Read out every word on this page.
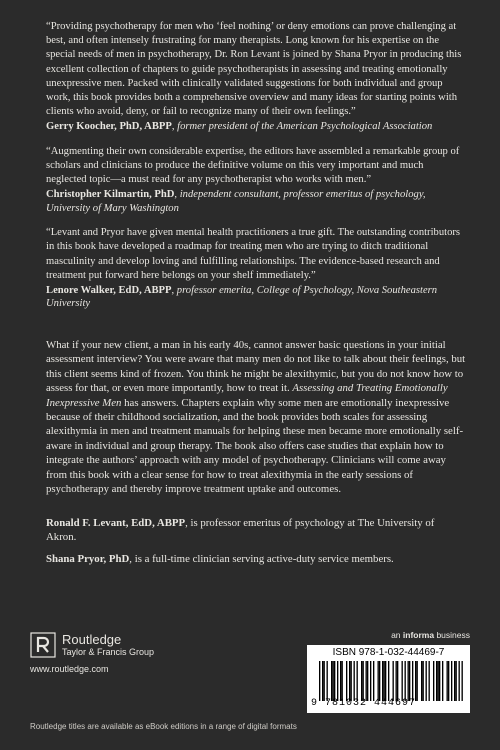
“Providing psychotherapy for men who ‘feel nothing’ or deny emotions can prove challenging at best, and often intensely frustrating for many therapists. Long known for his expertise on the special needs of men in psychotherapy, Dr. Ron Levant is joined by Shana Pryor in producing this excellent collection of chapters to guide psychotherapists in assessing and treating emotionally unexpressive men. Packed with clinically validated suggestions for both individual and group work, this book provides both a comprehensive overview and many ideas for starting points with clients who avoid, deny, or fail to recognize many of their own feelings.”
Gerry Koocher, PhD, ABPP, former president of the American Psychological Association
“Augmenting their own considerable expertise, the editors have assembled a remarkable group of scholars and clinicians to produce the definitive volume on this very important and much neglected topic—a must read for any psychotherapist who works with men.”
Christopher Kilmartin, PhD, independent consultant, professor emeritus of psychology, University of Mary Washington
“Levant and Pryor have given mental health practitioners a true gift. The outstanding contributors in this book have developed a roadmap for treating men who are trying to ditch traditional masculinity and develop loving and fulfilling relationships. The evidence-based research and treatment put forward here belongs on your shelf immediately.”
Lenore Walker, EdD, ABPP, professor emerita, College of Psychology, Nova Southeastern University
What if your new client, a man in his early 40s, cannot answer basic questions in your initial assessment interview? You were aware that many men do not like to talk about their feelings, but this client seems kind of frozen. You think he might be alexithymic, but you do not know how to assess for that, or even more importantly, how to treat it. Assessing and Treating Emotionally Inexpressive Men has answers. Chapters explain why some men are emotionally inexpressive because of their childhood socialization, and the book provides both scales for assessing alexithymia in men and treatment manuals for helping these men became more emotionally self-aware in individual and group therapy. The book also offers case studies that explain how to integrate the authors’ approach with any model of psychotherapy. Clinicians will come away from this book with a clear sense for how to treat alexithymia in the early sessions of psychotherapy and thereby improve treatment uptake and outcomes.
Ronald F. Levant, EdD, ABPP, is professor emeritus of psychology at The University of Akron.
Shana Pryor, PhD, is a full-time clinician serving active-duty service members.
an informa business
Routledge
Taylor & Francis Group
www.routledge.com
ISBN 978-1-032-44469-7
9 781032 444697
Routledge titles are available as eBook editions in a range of digital formats
